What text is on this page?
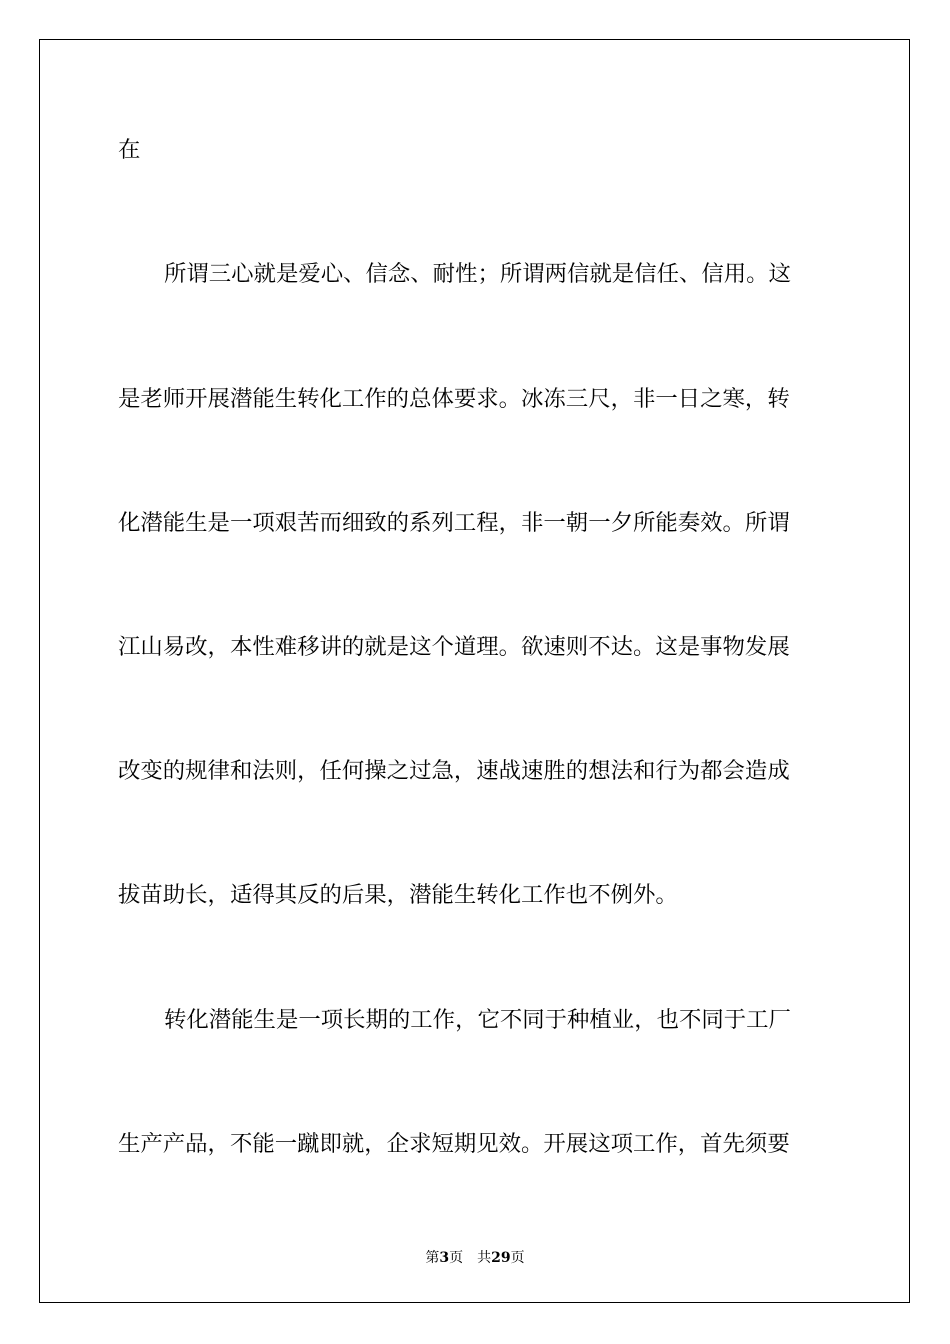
在
所谓三心就是爱心、信念、耐性；所谓两信就是信任、信用。这
是老师开展潜能生转化工作的总体要求。冰冻三尺，非一日之寒，转
化潜能生是一项艰苦而细致的系列工程，非一朝一夕所能奏效。所谓
江山易改，本性难移讲的就是这个道理。欲速则不达。这是事物发展
改变的规律和法则，任何操之过急，速战速胜的想法和行为都会造成
拔苗助长，适得其反的后果，潜能生转化工作也不例外。
转化潜能生是一项长期的工作，它不同于种植业，也不同于工厂
生产产品，不能一蹴即就，企求短期见效。开展这项工作，首先须要
第3页 共29页
